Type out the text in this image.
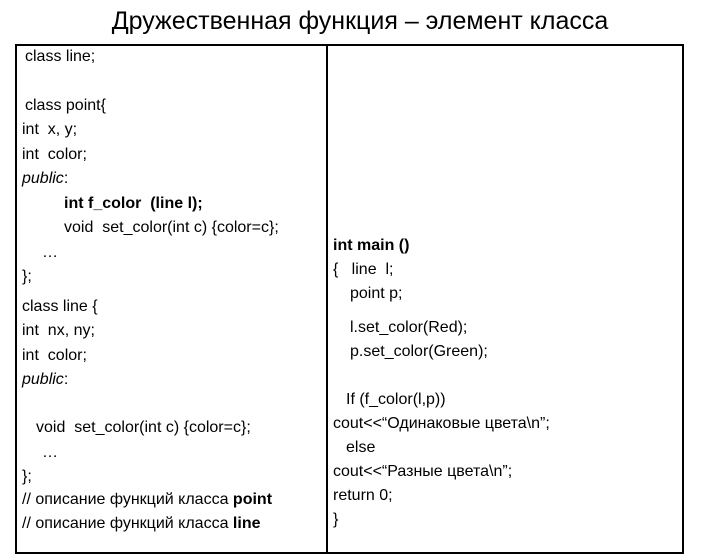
Дружественная функция – элемент класса
class line;
class point{
int  x, y;
int  color;
public:
int f_color  (line l);
void  set_color(int c) {color=c};
…
};
class line {
int  nx, ny;
int  color;
public:
void  set_color(int c) {color=c};
…
};
// описание функций класса point
// описание функций класса line
int main ()
{   line  l;
point p;
l.set_color(Red);
p.set_color(Green);
If (f_color(l,p))
cout<<“Одинаковые цвета\n”;
else
cout<<“Разные цвета\n”;
return 0;
}
